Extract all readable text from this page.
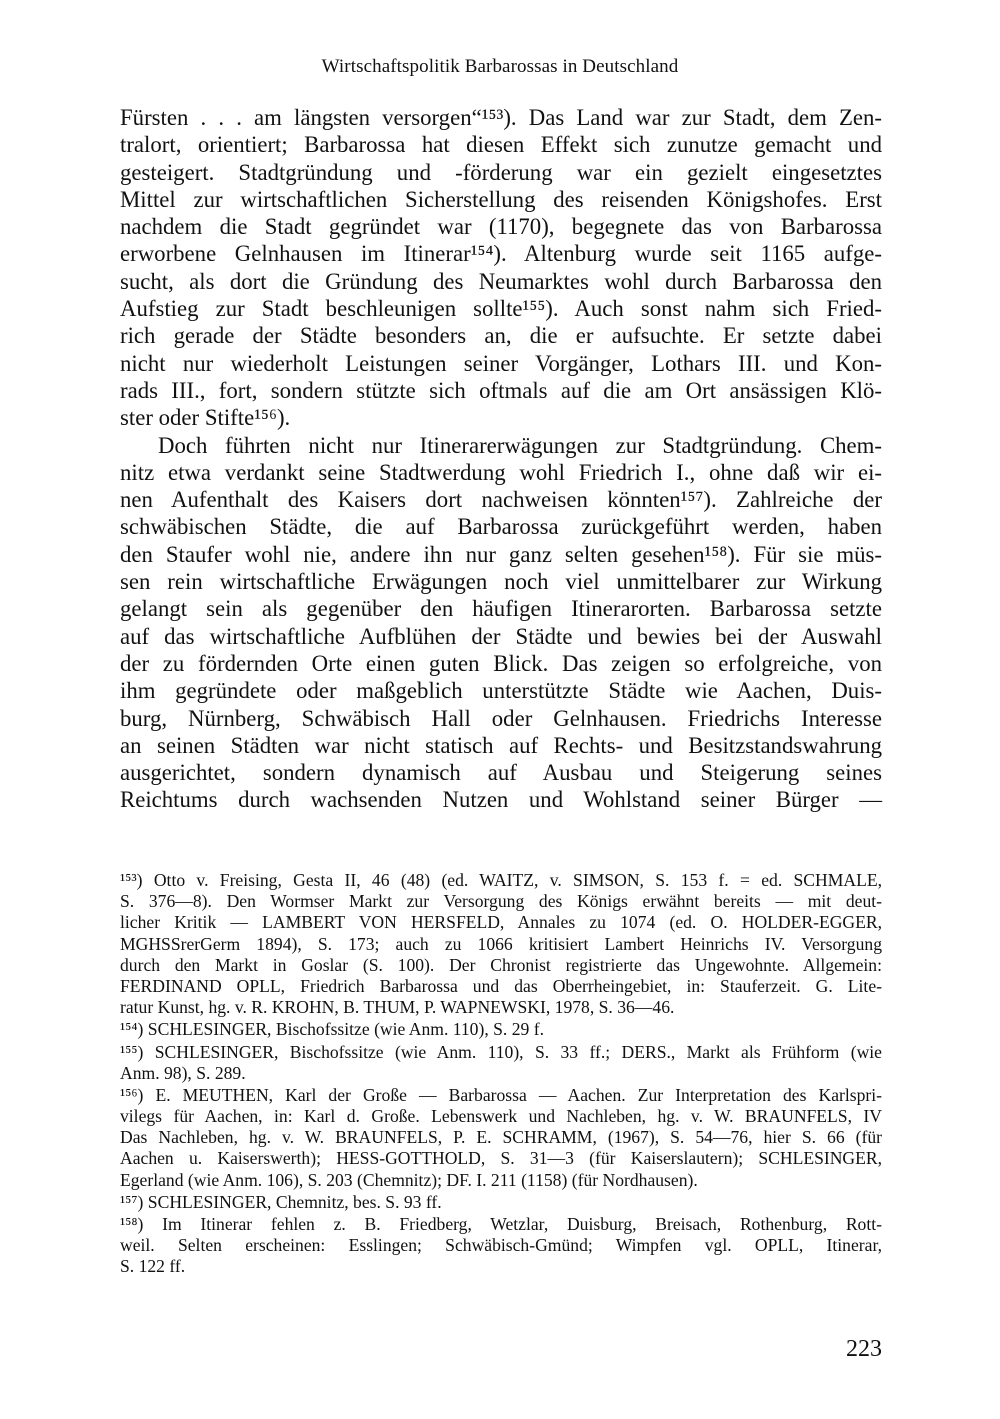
Wirtschaftspolitik Barbarossas in Deutschland
Fürsten . . . am längsten versorgen“¹⁵³). Das Land war zur Stadt, dem Zen-
tralort, orientiert; Barbarossa hat diesen Effekt sich zunutze gemacht und
gesteigert. Stadtgründung und -förderung war ein gezielt eingesetztes
Mittel zur wirtschaftlichen Sicherstellung des reisenden Königshofes. Erst
nachdem die Stadt gegründet war (1170), begegnete das von Barbarossa
erworbene Gelnhausen im Itinerar¹⁵⁴). Altenburg wurde seit 1165 aufge-
sucht, als dort die Gründung des Neumarktes wohl durch Barbarossa den
Aufstieg zur Stadt beschleunigen sollte¹⁵⁵). Auch sonst nahm sich Fried-
rich gerade der Städte besonders an, die er aufsuchte. Er setzte dabei
nicht nur wiederholt Leistungen seiner Vorgänger, Lothars III. und Kon-
rads III., fort, sondern stützte sich oftmals auf die am Ort ansässigen Klö-
ster oder Stifte¹⁵⁶).
Doch führten nicht nur Itinerarerwägungen zur Stadtgründung. Chem-
nitz etwa verdankt seine Stadtwerdung wohl Friedrich I., ohne daß wir ei-
nen Aufenthalt des Kaisers dort nachweisen könnten¹⁵⁷). Zahlreiche der
schwäbischen Städte, die auf Barbarossa zurückgeführt werden, haben
den Staufer wohl nie, andere ihn nur ganz selten gesehen¹⁵⁸). Für sie müs-
sen rein wirtschaftliche Erwägungen noch viel unmittelbarer zur Wirkung
gelangt sein als gegenüber den häufigen Itinerarorten. Barbarossa setzte
auf das wirtschaftliche Aufblühen der Städte und bewies bei der Auswahl
der zu fördernden Orte einen guten Blick. Das zeigen so erfolgreiche, von
ihm gegründete oder maßgeblich unterstützte Städte wie Aachen, Duis-
burg, Nürnberg, Schwäbisch Hall oder Gelnhausen. Friedrichs Interesse
an seinen Städten war nicht statisch auf Rechts- und Besitzstandswahrung
ausgerichtet, sondern dynamisch auf Ausbau und Steigerung seines
Reichtums durch wachsenden Nutzen und Wohlstand seiner Bürger —
¹⁵³) Otto v. Freising, Gesta II, 46 (48) (ed. WAITZ, v. SIMSON, S. 153 f. = ed. SCHMALE,
S. 376—8). Den Wormser Markt zur Versorgung des Königs erwähnt bereits — mit deut-
licher Kritik — LAMBERT VON HERSFELD, Annales zu 1074 (ed. O. HOLDER-EGGER,
MGHSSrerGerm 1894), S. 173; auch zu 1066 kritisiert Lambert Heinrichs IV. Versorgung
durch den Markt in Goslar (S. 100). Der Chronist registrierte das Ungewohnte. Allgemein:
FERDINAND OPLL, Friedrich Barbarossa und das Oberrheingebiet, in: Stauferzeit. G. Lite-
ratur Kunst, hg. v. R. KROHN, B. THUM, P. WAPNEWSKI, 1978, S. 36—46.
¹⁵⁴) SCHLESINGER, Bischofssitze (wie Anm. 110), S. 29 f.
¹⁵⁵) SCHLESINGER, Bischofssitze (wie Anm. 110), S. 33 ff.; DERS., Markt als Frühform (wie
Anm. 98), S. 289.
¹⁵⁶) E. MEUTHEN, Karl der Große — Barbarossa — Aachen. Zur Interpretation des Karlspri-
vilegs für Aachen, in: Karl d. Große. Lebenswerk und Nachleben, hg. v. W. BRAUNFELS, IV
Das Nachleben, hg. v. W. BRAUNFELS, P. E. SCHRAMM, (1967), S. 54—76, hier S. 66 (für
Aachen u. Kaiserswerth); HESS-GOTTHOLD, S. 31—3 (für Kaiserslautern); SCHLESINGER,
Egerland (wie Anm. 106), S. 203 (Chemnitz); DF. I. 211 (1158) (für Nordhausen).
¹⁵⁷) SCHLESINGER, Chemnitz, bes. S. 93 ff.
¹⁵⁸) Im Itinerar fehlen z. B. Friedberg, Wetzlar, Duisburg, Breisach, Rothenburg, Rott-
weil. Selten erscheinen: Esslingen; Schwäbisch-Gmünd; Wimpfen vgl. OPLL, Itinerar,
S. 122 ff.
223
